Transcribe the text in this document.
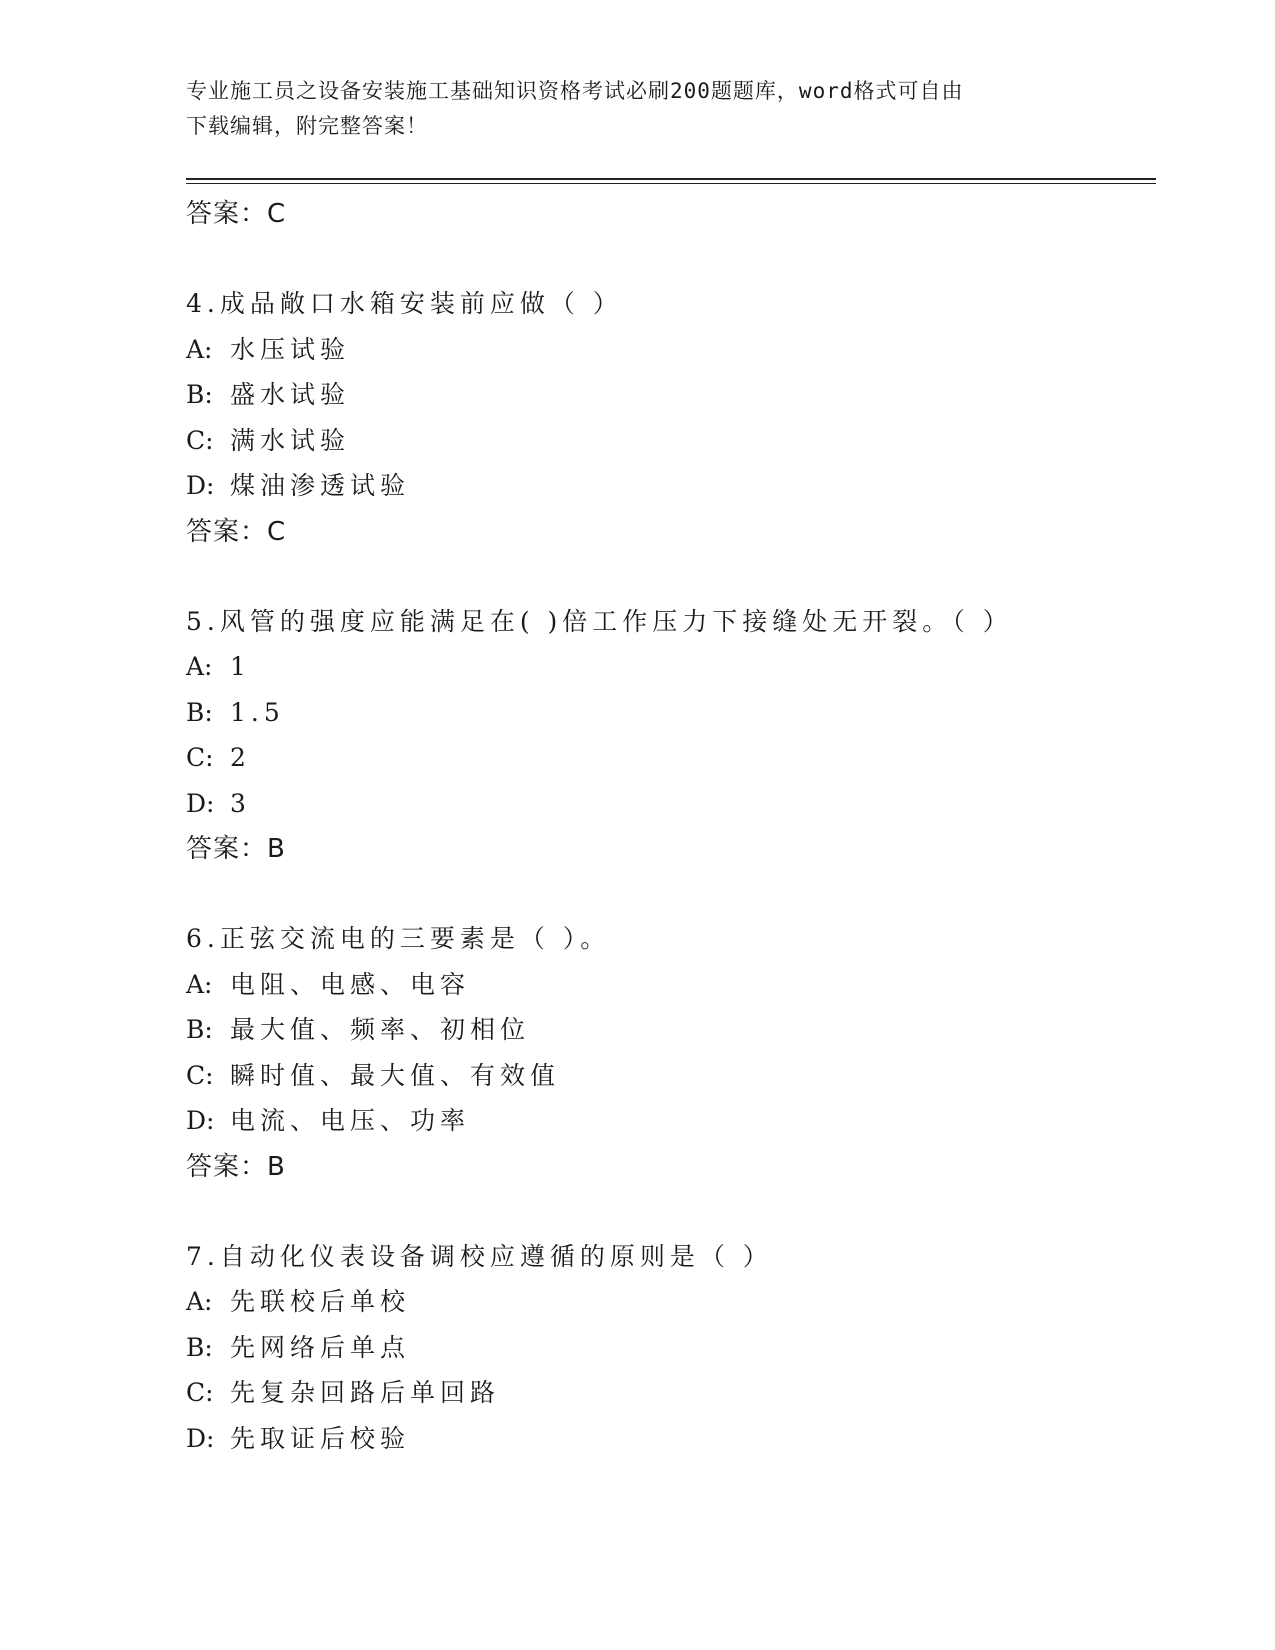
专业施工员之设备安装施工基础知识资格考试必刷200题题库，word格式可自由
下载编辑，附完整答案！
答案：C
4.成品敞口水箱安装前应做（ ）
A: 水压试验
B: 盛水试验
C: 满水试验
D: 煤油渗透试验
答案：C
5.风管的强度应能满足在( )倍工作压力下接缝处无开裂。（ ）
A: 1
B: 1.5
C: 2
D: 3
答案：B
6.正弦交流电的三要素是（ ）。
A: 电阻、电感、电容
B: 最大值、频率、初相位
C: 瞬时值、最大值、有效值
D: 电流、电压、功率
答案：B
7.自动化仪表设备调校应遵循的原则是（ ）
A: 先联校后单校
B: 先网络后单点
C: 先复杂回路后单回路
D: 先取证后校验
